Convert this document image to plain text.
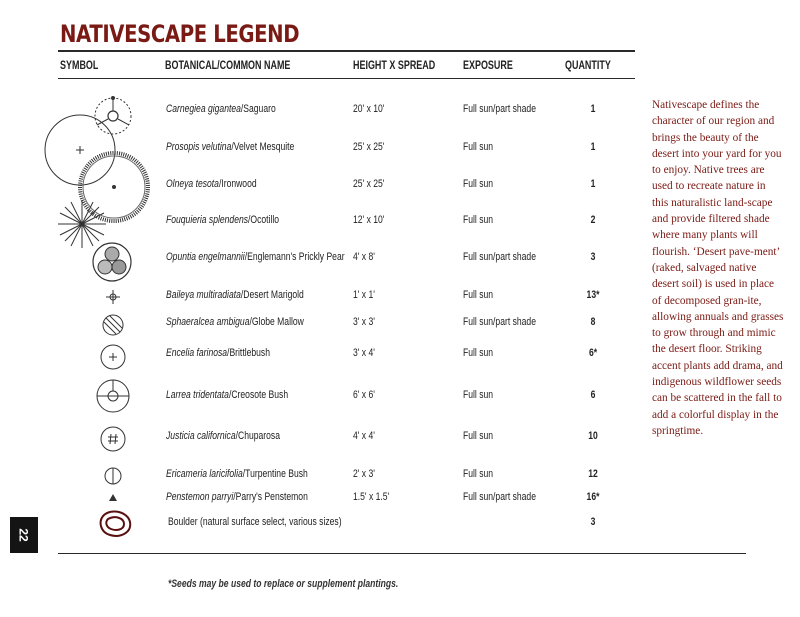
NATIVESCAPE LEGEND
SYMBOL	BOTANICAL/COMMON NAME	HEIGHT X SPREAD EXPOSURE	QUANTITY
Carnegiea gigantea/Saguaro	20' x 10'	Full sun/part shade	1
Prosopis velutina/Velvet Mesquite	25' x 25'	Full sun	1
Olneya tesota/Ironwood	25' x 25'	Full sun	1
Fouquieria splendens/Ocotillo	12' x 10'	Full sun	2
Opuntia engelmannii/Englemann's Prickly Pear 4' x 8'	Full sun/part shade	3
Baileya multiradiata/Desert Marigold	1' x 1'	Full sun	13*
Sphaeralcea ambigua/Globe Mallow	3' x 3'	Full sun/part shade	8
Encelia farinosa/Brittlebush	3' x 4'	Full sun	6*
Larrea tridentata/Creosote Bush	6' x 6'	Full sun	6
Justicia californica/Chuparosa	4' x 4'	Full sun	10
Ericameria laricifolia/Turpentine Bush	2' x 3'	Full sun	12
Penstemon parryi/Parry's Penstemon	1.5' x 1.5'	Full sun/part shade	16*
Boulder (natural surface select, various sizes)	3
Nativescape defines the character of our region and brings the beauty of the desert into your yard for you to enjoy. Native trees are used to recreate nature in this naturalistic land-scape and provide filtered shade where many plants will flourish. ‘Desert pave-ment’ (raked, salvaged native desert soil) is used in place of decomposed gran-ite, allowing annuals and grasses to grow through and mimic the desert floor. Striking accent plants add drama, and indigenous wildflower seeds can be scattered in the fall to add a colorful display in the springtime.
*Seeds may be used to replace or supplement plantings.
22
